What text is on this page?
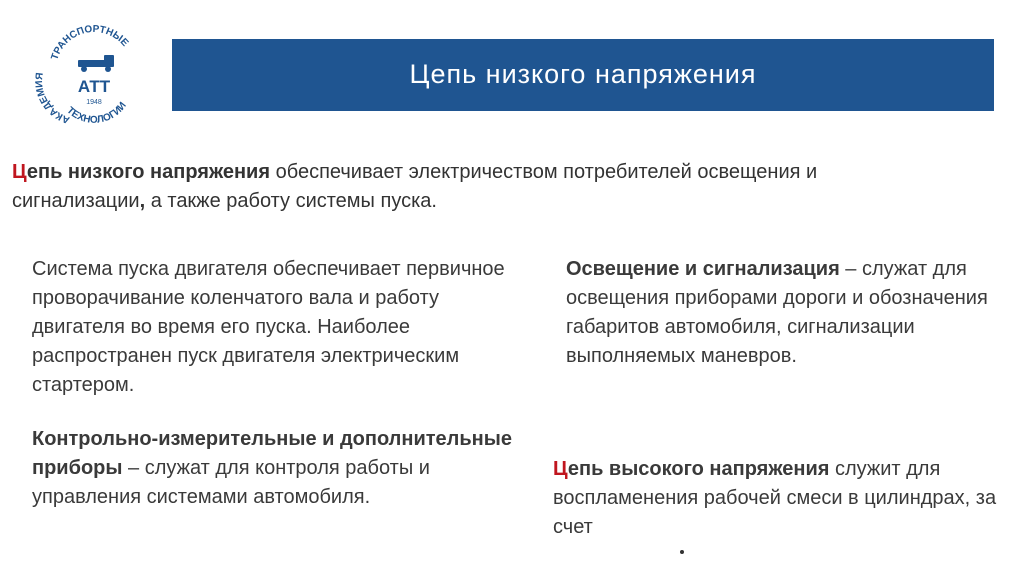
ТРАНСПОРТНЫЕ
АКАДЕМИЯ
ТЕХНОЛОГИИ
АТТ
1948
Цепь низкого напряжения
Цепь низкого напряжения обеспечивает электричеством потребителей освещения и сигнализации, а также работу системы пуска.
Система пуска двигателя обеспечивает первичное проворачивание коленчатого вала и работу двигателя во время его пуска. Наиболее распространен пуск двигателя электрическим стартером.
Освещение и сигнализация – служат для освещения приборами дороги и обозначения габаритов автомобиля, сигнализации выполняемых маневров.
Контрольно-измерительные и дополнительные приборы – служат для контроля работы и управления системами автомобиля.
Цепь высокого напряжения служит для воспламенения рабочей смеси в цилиндрах, за счет
